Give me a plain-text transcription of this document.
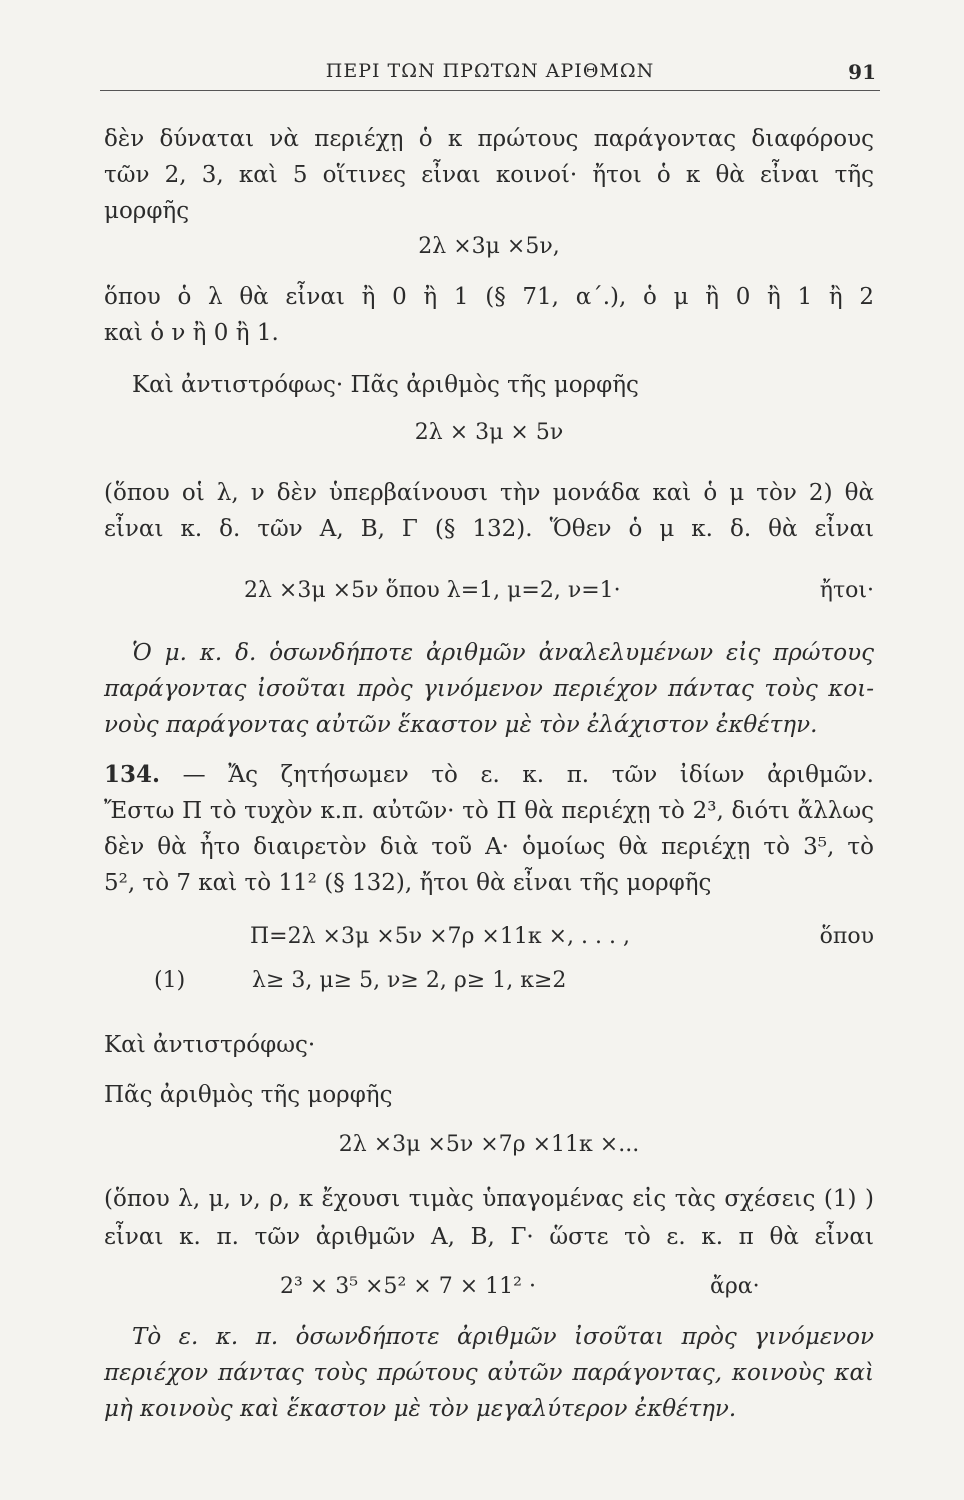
ΠΕΡΙ ΤΩΝ ΠΡΩΤΩΝ ΑΡΙΘΜΩΝ	91
δὲν δύναται νὰ περιέχῃ ὁ κ πρώτους παράγοντας διαφόρους
τῶν 2, 3, καὶ 5 οἵτινες εἶναι κοινοί· ἤτοι ὁ κ θὰ εἶναι τῆς
μορφῆς
2λ ×3μ ×5ν,
ὅπου ὁ λ θὰ εἶναι ἢ 0 ἢ 1 (§ 71, α΄.), ὁ μ ἢ 0 ἢ 1 ἢ 2
καὶ ὁ ν ἢ 0 ἢ 1.
Καὶ ἀντιστρόφως· Πᾶς ἀριθμὸς τῆς μορφῆς
2λ × 3μ × 5ν
(ὅπου οἱ λ, ν δὲν ὑπερβαίνουσι τὴν μονάδα καὶ ὁ μ τὸν 2) θὰ
εἶναι κ. δ. τῶν Α, Β, Γ (§ 132). Ὅθεν ὁ μ κ. δ. θὰ εἶναι
2λ ×3μ ×5ν ὅπου λ=1, μ=2, ν=1·	ἤτοι·
Ὁ μ. κ. δ. ὁσωνδήποτε ἀριθμῶν ἀναλελυμένων εἰς πρώτους
παράγοντας ἰσοῦται πρὸς γινόμενον περιέχον πάντας τοὺς κοι-
νοὺς παράγοντας αὐτῶν ἕκαστον μὲ τὸν ἐλάχιστον ἐκθέτην.
134. — Ἄς ζητήσωμεν τὸ ε. κ. π. τῶν ἰδίων ἀριθμῶν.
Ἔστω Π τὸ τυχὸν κ.π. αὐτῶν· τὸ Π θὰ περιέχῃ τὸ 2³, διότι ἄλλως
δὲν θὰ ἦτο διαιρετὸν διὰ τοῦ Α· ὁμοίως θὰ περιέχῃ τὸ 3⁵, τὸ
5², τὸ 7 καὶ τὸ 11² (§ 132), ἤτοι θὰ εἶναι τῆς μορφῆς
Π=2λ ×3μ ×5ν ×7ρ ×11κ ×, . . . ,	ὅπου
(1)	λ≥ 3, μ≥ 5, ν≥ 2, ρ≥ 1, κ≥2
Καὶ ἀντιστρόφως·
Πᾶς ἀριθμὸς τῆς μορφῆς
2λ ×3μ ×5ν ×7ρ ×11κ ×...
(ὅπου λ, μ, ν, ρ, κ ἔχουσι τιμὰς ὑπαγομένας εἰς τὰς σχέσεις (1) )
εἶναι κ. π. τῶν ἀριθμῶν Α, Β, Γ· ὥστε τὸ ε. κ. π θὰ εἶναι
2³ × 3⁵ ×5² × 7 × 11² ·	ἄρα·
Τὸ ε. κ. π. ὁσωνδήποτε ἀριθμῶν ἰσοῦται πρὸς γινόμενον
περιέχον πάντας τοὺς πρώτους αὐτῶν παράγοντας, κοινοὺς καὶ
μὴ κοινοὺς καὶ ἕκαστον μὲ τὸν μεγαλύτερον ἐκθέτην.
